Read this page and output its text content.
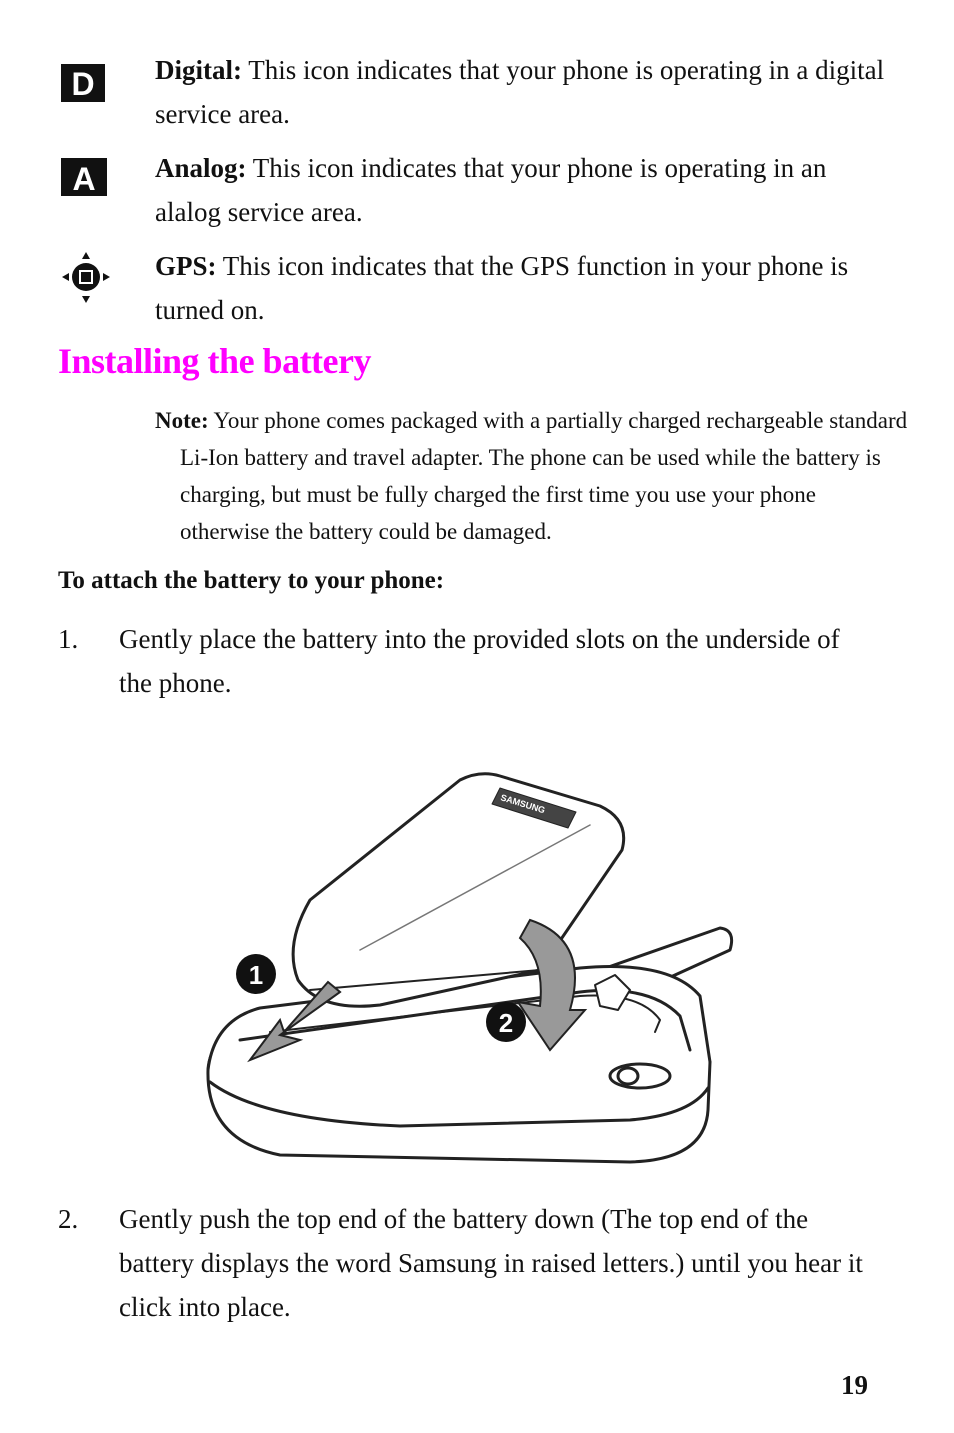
D Digital: This icon indicates that your phone is operating in a digital service area.
A Analog: This icon indicates that your phone is operating in an alalog service area.
GPS: This icon indicates that the GPS function in your phone is turned on.
Installing the battery
Note: Your phone comes packaged with a partially charged rechargeable standard Li-Ion battery and travel adapter. The phone can be used while the battery is charging, but must be fully charged the first time you use your phone otherwise the battery could be damaged.
To attach the battery to your phone:
1. Gently place the battery into the provided slots on the underside of the phone.
1
2
SAMSUNG
2. Gently push the top end of the battery down (The top end of the battery displays the word Samsung in raised letters.) until you hear it click into place.
19
